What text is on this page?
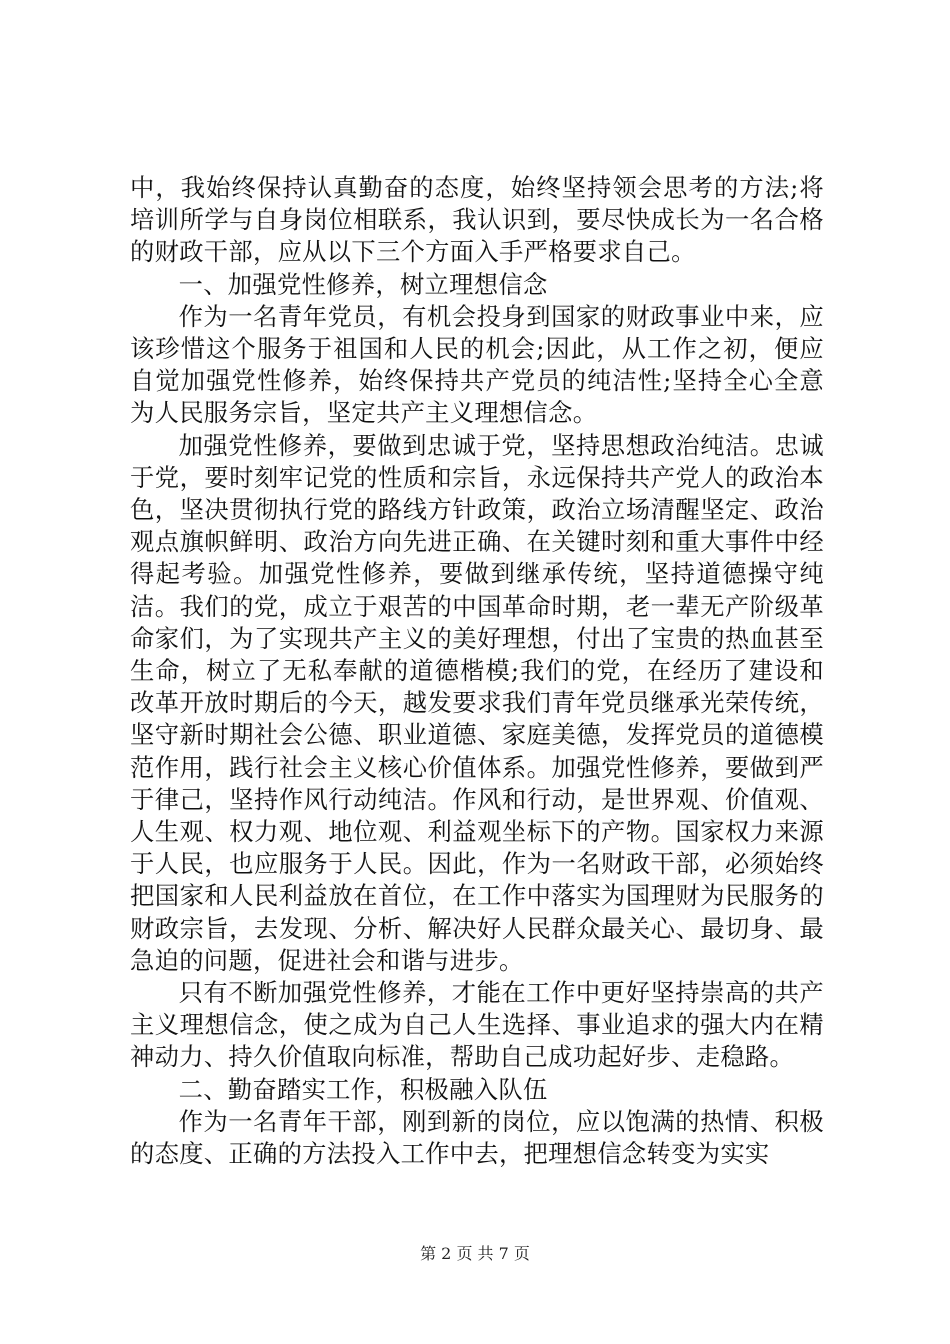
中，我始终保持认真勤奋的态度，始终坚持领会思考的方法;将培训所学与自身岗位相联系，我认识到，要尽快成长为一名合格的财政干部，应从以下三个方面入手严格要求自己。

一、加强党性修养，树立理想信念

作为一名青年党员，有机会投身到国家的财政事业中来，应该珍惜这个服务于祖国和人民的机会;因此，从工作之初，便应自觉加强党性修养，始终保持共产党员的纯洁性;坚持全心全意为人民服务宗旨，坚定共产主义理想信念。

加强党性修养，要做到忠诚于党，坚持思想政治纯洁。忠诚于党，要时刻牢记党的性质和宗旨，永远保持共产党人的政治本色，坚决贯彻执行党的路线方针政策，政治立场清醒坚定、政治观点旗帜鲜明、政治方向先进正确、在关键时刻和重大事件中经得起考验。加强党性修养，要做到继承传统，坚持道德操守纯洁。我们的党，成立于艰苦的中国革命时期，老一辈无产阶级革命家们，为了实现共产主义的美好理想，付出了宝贵的热血甚至生命，树立了无私奉献的道德楷模;我们的党，在经历了建设和改革开放时期后的今天，越发要求我们青年党员继承光荣传统，坚守新时期社会公德、职业道德、家庭美德，发挥党员的道德模范作用，践行社会主义核心价值体系。加强党性修养，要做到严于律己，坚持作风行动纯洁。作风和行动，是世界观、价值观、人生观、权力观、地位观、利益观坐标下的产物。国家权力来源于人民，也应服务于人民。因此，作为一名财政干部，必须始终把国家和人民利益放在首位，在工作中落实为国理财为民服务的财政宗旨，去发现、分析、解决好人民群众最关心、最切身、最急迫的问题，促进社会和谐与进步。

只有不断加强党性修养，才能在工作中更好坚持崇高的共产主义理想信念，使之成为自己人生选择、事业追求的强大内在精神动力、持久价值取向标准，帮助自己成功起好步、走稳路。

二、勤奋踏实工作，积极融入队伍

作为一名青年干部，刚到新的岗位，应以饱满的热情、积极的态度、正确的方法投入工作中去，把理想信念转变为实实

第 2 页 共 7 页
